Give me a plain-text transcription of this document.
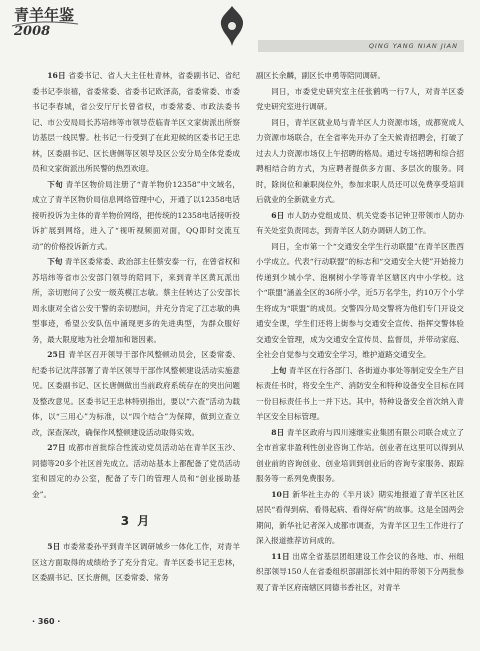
青羊年鉴
2008
QING YANG NIAN JIAN

16日 省委书记、省人大主任杜青林，省委副书记、省纪委书记李崇禧，省委常委、省委书记欧泽高，省委常委、市委书记李春城，省公安厅厅长曾省权，市委常委、市政法委书记、市公安局局长苏培纬等市领导莅临青羊区文家街派出所察访基层一线民警。杜书记一行受到了在此迎候的区委书记王忠林，区委副书记、区长唐侧等区领导及区公安分局全体党委成员和文家街派出所民警的热烈欢迎。

下旬 青羊区物价局注册了“青羊物价12358”中文域名，成立了青羊区物价局信息网络管理中心，开通了以12358电话接听投诉为主体的青羊物价网络，把传统的12358电话接听投诉扩展到网络，进入了“视听视频面对面，QQ即时交流互动”的价格投诉新方式。

下旬 青羊区委常委、政治部主任蔡安泰一行，在曾省权和苏培纬等省市公安部门领导的陪同下，来到青羊区黄瓦派出所，亲切慰问了公安一级英模江志敏。蔡主任转达了公安部长周永康对全省公安干警的亲切慰问，并充分肯定了江志敏的典型事迹，希望公安队伍中涌现更多的先进典型，为群众服好务，最大限度地为社会增加和谐因素。

25日 青羊区召开领导干部作风整顿动员会，区委常委、纪委书记沈萍部署了青羊区领导干部作风整顿建设活动实施意见。区委副书记、区长唐侧做出当前政府系统存在的突出问题及整改意见。区委书记王忠林特别指出，要以“六查”活动为载体，以“三用心”为标准，以“四个结合”为保障，做到立查立改，深查深改，确保作风整顿建设活动取得实效。

27日 成都市首批综合性流动党员活动站在青羊区玉沙、同德等20多个社区首先成立。活动站基本上都配备了党员活动室和固定的办公室，配备了专门的管理人员和“创业援助基金”。

3 月

5日 市委常委孙平到青羊区调研城乡一体化工作，对青羊区这方面取得的成绩给予了充分肯定。青羊区委书记王忠林，区委副书记、区长唐侧，区委常委、常务

副区长余麟，副区长申勇等陪同调研。

同日，市委党史研究室主任张鹤鸣一行7人，对青羊区委党史研究室进行调研。

同日，青羊区就业局与青羊区人力资源市场，成都宽成人力资源市场联合，在全省率先开办了全天候青招聘会，打破了过去人力资源市场仅上午招聘的格局。通过专场招聘和综合招聘相结合的方式，为应聘者提供多方面、多层次的服务。同时，除岗位和兼职岗位外，参加求职人员还可以免费享受培训后就业的全新就业方式。

6日 市人防办党组成员、机关党委书记钟卫带领市人防办有关处室负责同志，到青羊区人防办调研人防工作。

同日，全市第一个“交通安全学生行动联盟”在青羊区胜西小学成立。代表“行动联盟”的标志和“交通安全大使”开始接力传递到少城小学、泡桐树小学等青羊区辖区内中小学校。这个“联盟”涵盖全区的36所小学，近5万名学生，约10万个小学生将成为“联盟”的成员。交警四分局交警将为他们专门开设交通安全课，学生们还将上街参与交通安全宣传、指挥交警体验交通安全管理，成为交通安全宣传员、监督员，并带动家庭、全社会自觉参与交通安全学习，维护道路交通安全。

上旬 青羊区在行各部门、各街道办事处等制定安全生产目标责任书时，将安全生产、消防安全和特种设备安全目标在同一份目标责任书上一并下达。其中，特种设备安全首次纳入青羊区安全目标管理。

8日 青羊区政府与四川速继实业集团有限公司联合成立了全市首家非盈利性创业咨询工作站。创业者在这里可以得到从创业前的咨询创业、创业培训到创业后的咨询专家服务、跟踪服务等一系列免费服务。

10日 新华社主办的《半月谈》期实地报道了青羊区社区居民“看得到病、看得起病、看得好病”的故事。这是全国两会期间，新华社记者深入成都市调查，为青羊区卫生工作进行了深入报道推荐访问成的。

11日 出席全省基层团组建设工作会议的各地、市、州组织部领导150人在省委组织部副部长刘中阳的带领下分两批参观了青羊区府南辖区同德书香社区，对青羊

· 360 ·
